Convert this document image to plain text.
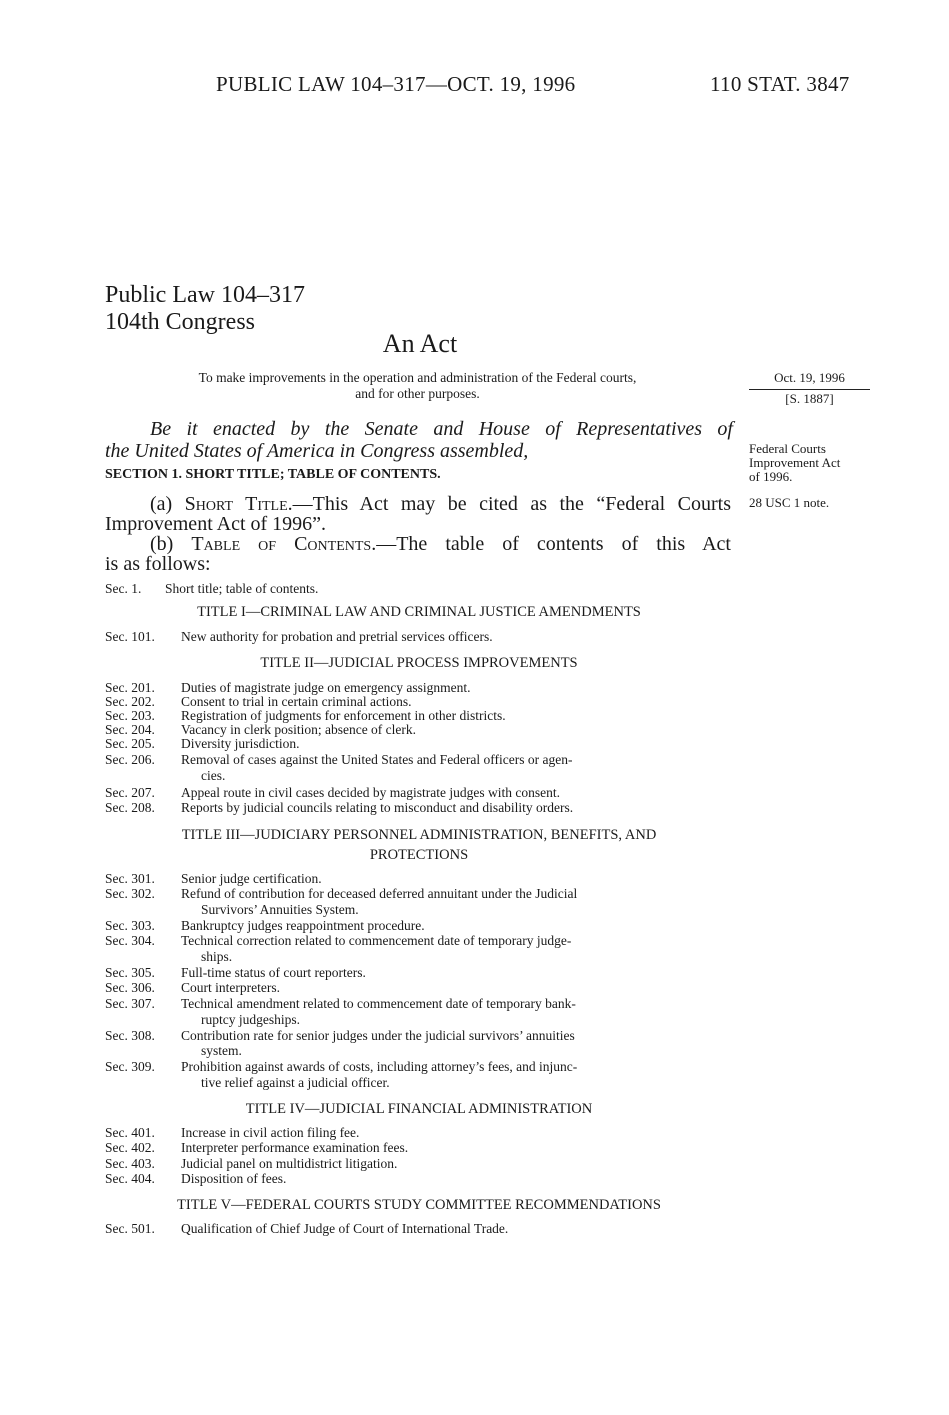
PUBLIC LAW 104–317—OCT. 19, 1996	110 STAT. 3847
Public Law 104–317
104th Congress
An Act
To make improvements in the operation and administration of the Federal courts,
and for other purposes.
Oct. 19, 1996
[S. 1887]
Federal Courts
Improvement Act
of 1996.
28 USC 1 note.
Be it enacted by the Senate and House of Representatives of
the United States of America in Congress assembled,
SECTION 1. SHORT TITLE; TABLE OF CONTENTS.
(a) Short Title.—This Act may be cited as the “Federal Courts
Improvement Act of 1996”.
(b) Table of Contents.—The table of contents of this Act
is as follows:
Sec. 1. Short title; table of contents.
TITLE I—CRIMINAL LAW AND CRIMINAL JUSTICE AMENDMENTS
Sec. 101. New authority for probation and pretrial services officers.
TITLE II—JUDICIAL PROCESS IMPROVEMENTS
Sec. 201. Duties of magistrate judge on emergency assignment.
Sec. 202. Consent to trial in certain criminal actions.
Sec. 203. Registration of judgments for enforcement in other districts.
Sec. 204. Vacancy in clerk position; absence of clerk.
Sec. 205. Diversity jurisdiction.
Sec. 206. Removal of cases against the United States and Federal officers or agen-
cies.
Sec. 207. Appeal route in civil cases decided by magistrate judges with consent.
Sec. 208. Reports by judicial councils relating to misconduct and disability orders.
TITLE III—JUDICIARY PERSONNEL ADMINISTRATION, BENEFITS, AND
PROTECTIONS
Sec. 301. Senior judge certification.
Sec. 302. Refund of contribution for deceased deferred annuitant under the Judicial
Survivors’ Annuities System.
Sec. 303. Bankruptcy judges reappointment procedure.
Sec. 304. Technical correction related to commencement date of temporary judge-
ships.
Sec. 305. Full-time status of court reporters.
Sec. 306. Court interpreters.
Sec. 307. Technical amendment related to commencement date of temporary bank-
ruptcy judgeships.
Sec. 308. Contribution rate for senior judges under the judicial survivors’ annuities
system.
Sec. 309. Prohibition against awards of costs, including attorney’s fees, and injunc-
tive relief against a judicial officer.
TITLE IV—JUDICIAL FINANCIAL ADMINISTRATION
Sec. 401. Increase in civil action filing fee.
Sec. 402. Interpreter performance examination fees.
Sec. 403. Judicial panel on multidistrict litigation.
Sec. 404. Disposition of fees.
TITLE V—FEDERAL COURTS STUDY COMMITTEE RECOMMENDATIONS
Sec. 501. Qualification of Chief Judge of Court of International Trade.
